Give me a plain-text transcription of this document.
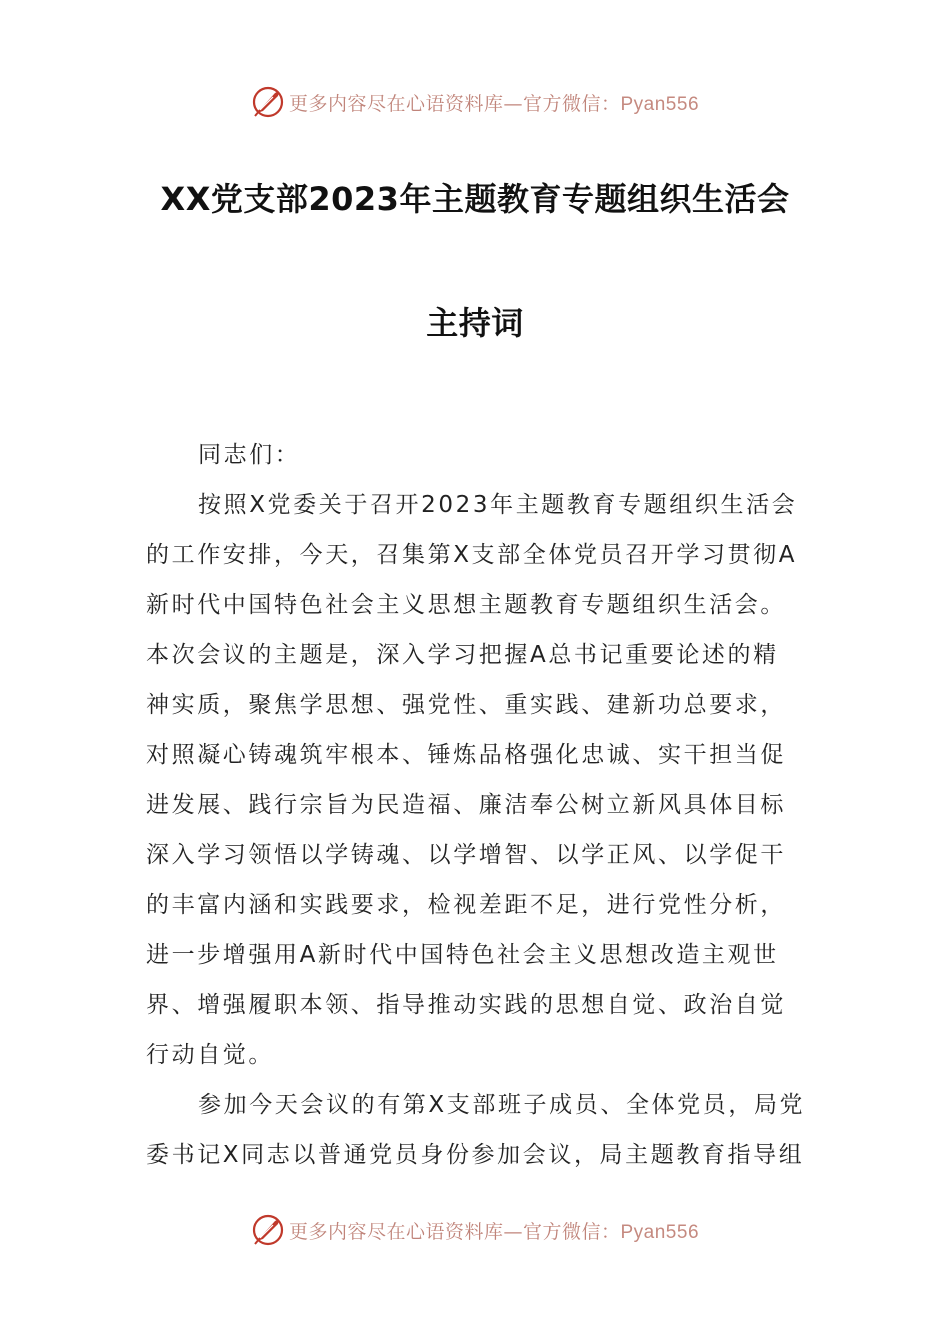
更多内容尽在心语资料库—官方微信：Pyan556
XX党支部2023年主题教育专题组织生活会
主持词
同志们：
按照X党委关于召开2023年主题教育专题组织生活会
的工作安排，今天，召集第X支部全体党员召开学习贯彻A
新时代中国特色社会主义思想主题教育专题组织生活会。
本次会议的主题是，深入学习把握A总书记重要论述的精
神实质，聚焦学思想、强党性、重实践、建新功总要求，
对照凝心铸魂筑牢根本、锤炼品格强化忠诚、实干担当促
进发展、践行宗旨为民造福、廉洁奉公树立新风具体目标
深入学习领悟以学铸魂、以学增智、以学正风、以学促干
的丰富内涵和实践要求，检视差距不足，进行党性分析，
进一步增强用A新时代中国特色社会主义思想改造主观世
界、增强履职本领、指导推动实践的思想自觉、政治自觉
行动自觉。
参加今天会议的有第X支部班子成员、全体党员，局党
委书记X同志以普通党员身份参加会议，局主题教育指导组
更多内容尽在心语资料库—官方微信：Pyan556
